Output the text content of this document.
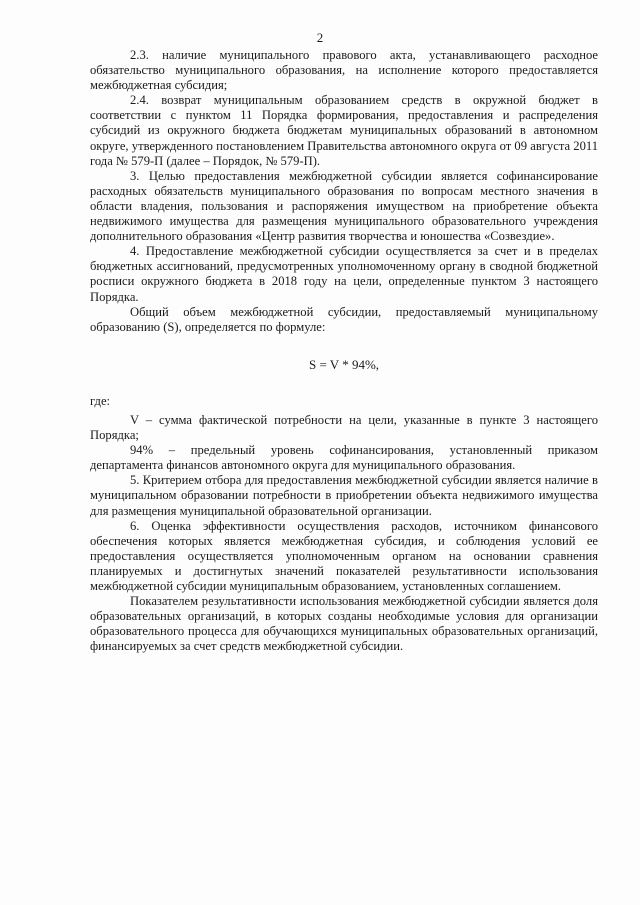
2

2.3. наличие муниципального правового акта, устанавливающего расходное обязательство муниципального образования, на исполнение которого предоставляется межбюджетная субсидия;

2.4. возврат муниципальным образованием средств в окружной бюджет в соответствии с пунктом 11 Порядка формирования, предоставления и распределения субсидий из окружного бюджета бюджетам муниципальных образований в автономном округе, утвержденного постановлением Правительства автономного округа от 09 августа 2011 года № 579-П (далее – Порядок, № 579-П).

3. Целью предоставления межбюджетной субсидии является софинансирование расходных обязательств муниципального образования по вопросам местного значения в области владения, пользования и распоряжения имуществом на приобретение объекта недвижимого имущества для размещения муниципального образовательного учреждения дополнительного образования «Центр развития творчества и юношества «Созвездие».

4. Предоставление межбюджетной субсидии осуществляется за счет и в пределах бюджетных ассигнований, предусмотренных уполномоченному органу в сводной бюджетной росписи окружного бюджета в 2018 году на цели, определенные пунктом 3 настоящего Порядка.

Общий объем межбюджетной субсидии, предоставляемый муниципальному образованию (S), определяется по формуле:

S = V * 94%,

где:

V – сумма фактической потребности на цели, указанные в пункте 3 настоящего Порядка;

94% – предельный уровень софинансирования, установленный приказом департамента финансов автономного округа для муниципального образования.

5. Критерием отбора для предоставления межбюджетной субсидии является наличие в муниципальном образовании потребности в приобретении объекта недвижимого имущества для размещения муниципальной образовательной организации.

6. Оценка эффективности осуществления расходов, источником финансового обеспечения которых является межбюджетная субсидия, и соблюдения условий ее предоставления осуществляется уполномоченным органом на основании сравнения планируемых и достигнутых значений показателей результативности использования межбюджетной субсидии муниципальным образованием, установленных соглашением.

Показателем результативности использования межбюджетной субсидии является доля образовательных организаций, в которых созданы необходимые условия для организации образовательного процесса для обучающихся муниципальных образовательных организаций, финансируемых за счет средств межбюджетной субсидии.
